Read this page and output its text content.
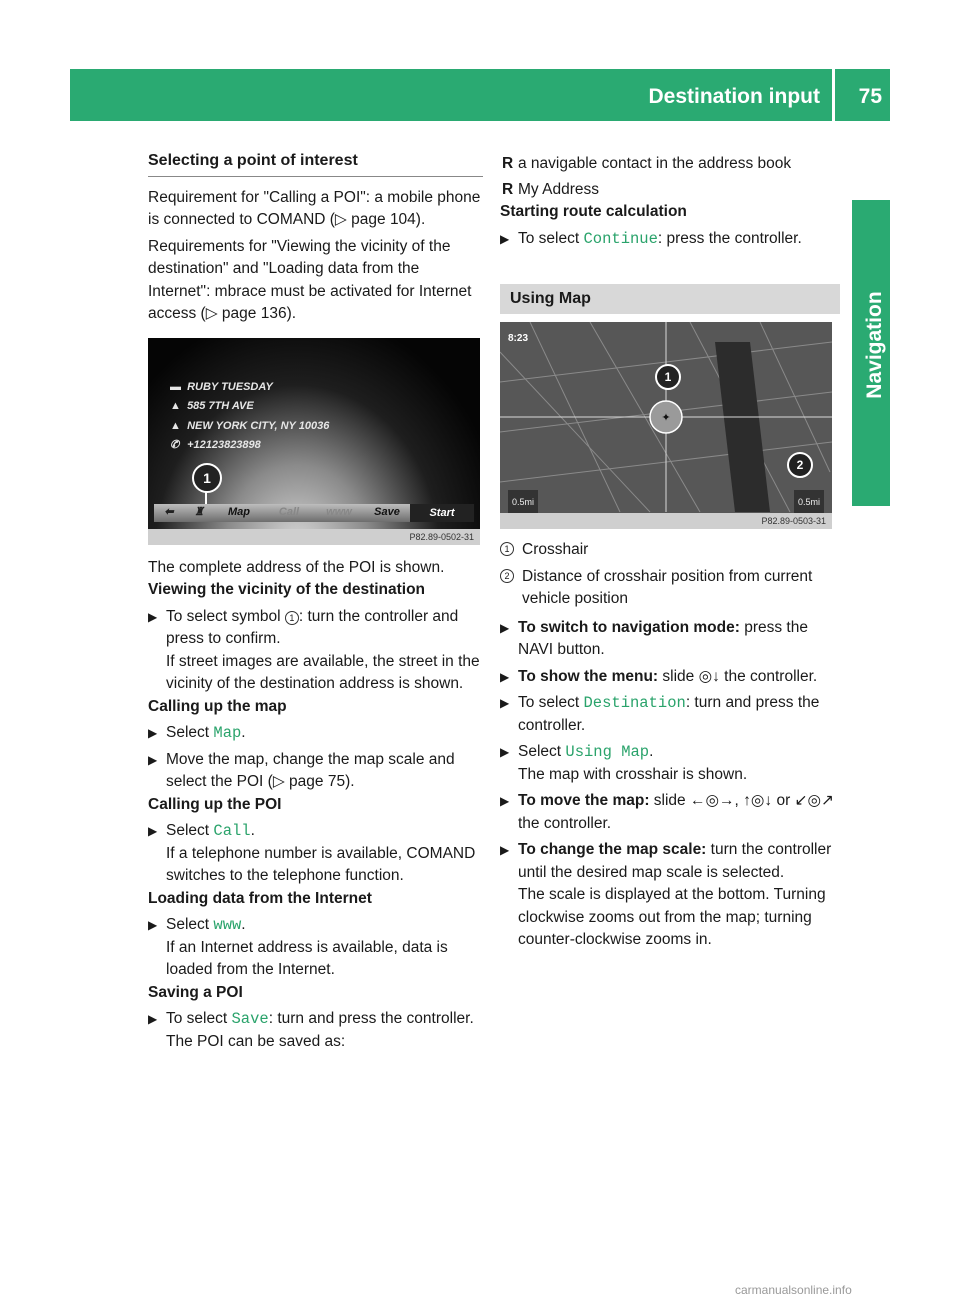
Destination input 75
Navigation
Selecting a point of interest

Requirement for "Calling a POI": a mobile phone is connected to COMAND (▷ page 104).

Requirements for "Viewing the vicinity of the destination" and "Loading data from the Internet": mbrace must be activated for Internet access (▷ page 136).

▬ RUBY TUESDAY
▲ 585 7TH AVE
▲ NEW YORK CITY, NY 10036
✆ +12123823898
1
⬅	♜	Map	Call	www	Save	Start
P82.89-0502-31

The complete address of the POI is shown.

Viewing the vicinity of the destination

▶ To select symbol 1 : turn the controller and press to confirm.

If street images are available, the street in the vicinity of the destination address is shown.

Calling up the map

▶ Select Map.
▶ Move the map, change the map scale and select the POI (▷ page 75).

Calling up the POI

▶ Select Call.

If a telephone number is available, COMAND switches to the telephone function.

Loading data from the Internet

▶ Select www.

If an Internet address is available, data is loaded from the Internet.

Saving a POI

▶ To select Save: turn and press the controller.

The POI can be saved as:

R a navigable contact in the address book
R My Address

Starting route calculation

▶ To select Continue: press the controller.
Using Map
✦
8:23
1
2
0.5mi	0.5mi
P82.89-0503-31
1 Crosshair
2 Distance of crosshair position from current vehicle position
▶ To switch to navigation mode: press the NAVI button.
▶ To show the menu: slide ◎↓ the controller.
▶ To select Destination: turn and press the controller.
▶ Select Using Map.

The map with crosshair is shown.

▶ To move the map: slide ←◎→, ↑◎↓ or ↙◎↗ the controller.
▶ To change the map scale: turn the controller until the desired map scale is selected.

The scale is displayed at the bottom. Turning clockwise zooms out from the map; turning counter-clockwise zooms in.

carmanualsonline.info
